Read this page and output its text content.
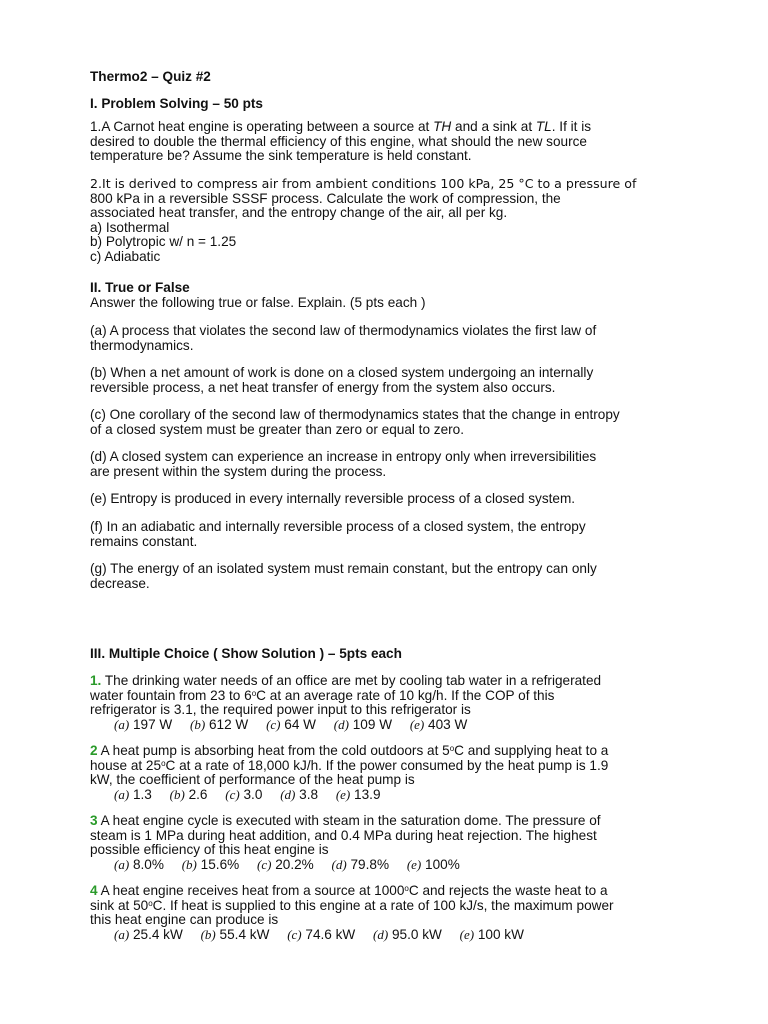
Thermo2 – Quiz #2
I. Problem Solving – 50 pts
1.A Carnot heat engine is operating between a source at TH and a sink at TL. If it is
desired to double the thermal efficiency of this engine, what should the new source
temperature be? Assume the sink temperature is held constant.
2.It is derived to compress air from ambient conditions 100 kPa, 25 °C to a pressure of
800 kPa in a reversible SSSF process. Calculate the work of compression, the
associated heat transfer, and the entropy change of the air, all per kg.
a) Isothermal
b) Polytropic w/ n = 1.25
c) Adiabatic
II. True or False
Answer the following true or false. Explain. (5 pts each )
(a) A process that violates the second law of thermodynamics violates the first law of
thermodynamics.
(b) When a net amount of work is done on a closed system undergoing an internally
reversible process, a net heat transfer of energy from the system also occurs.
(c) One corollary of the second law of thermodynamics states that the change in entropy
of a closed system must be greater than zero or equal to zero.
(d) A closed system can experience an increase in entropy only when irreversibilities
are present within the system during the process.
(e) Entropy is produced in every internally reversible process of a closed system.
(f) In an adiabatic and internally reversible process of a closed system, the entropy
remains constant.
(g) The energy of an isolated system must remain constant, but the entropy can only
decrease.
III. Multiple Choice ( Show Solution ) – 5pts each
1. The drinking water needs of an office are met by cooling tab water in a refrigerated
water fountain from 23 to 6$^o$C at an average rate of 10 kg/h. If the COP of this
refrigerator is 3.1, the required power input to this refrigerator is
(a) 197 W (b) 612 W (c) 64 W (d) 109 W (e) 403 W
2 A heat pump is absorbing heat from the cold outdoors at 5$^o$C and supplying heat to a
house at 25$^o$C at a rate of 18,000 kJ/h. If the power consumed by the heat pump is 1.9
kW, the coefficient of performance of the heat pump is
(a) 1.3 (b) 2.6 (c) 3.0 (d) 3.8 (e) 13.9
3 A heat engine cycle is executed with steam in the saturation dome. The pressure of
steam is 1 MPa during heat addition, and 0.4 MPa during heat rejection. The highest
possible efficiency of this heat engine is
(a) 8.0% (b) 15.6% (c) 20.2% (d) 79.8% (e) 100%
4 A heat engine receives heat from a source at 1000$^o$C and rejects the waste heat to a
sink at 50$^o$C. If heat is supplied to this engine at a rate of 100 kJ/s, the maximum power
this heat engine can produce is
(a) 25.4 kW (b) 55.4 kW (c) 74.6 kW (d) 95.0 kW (e) 100 kW
